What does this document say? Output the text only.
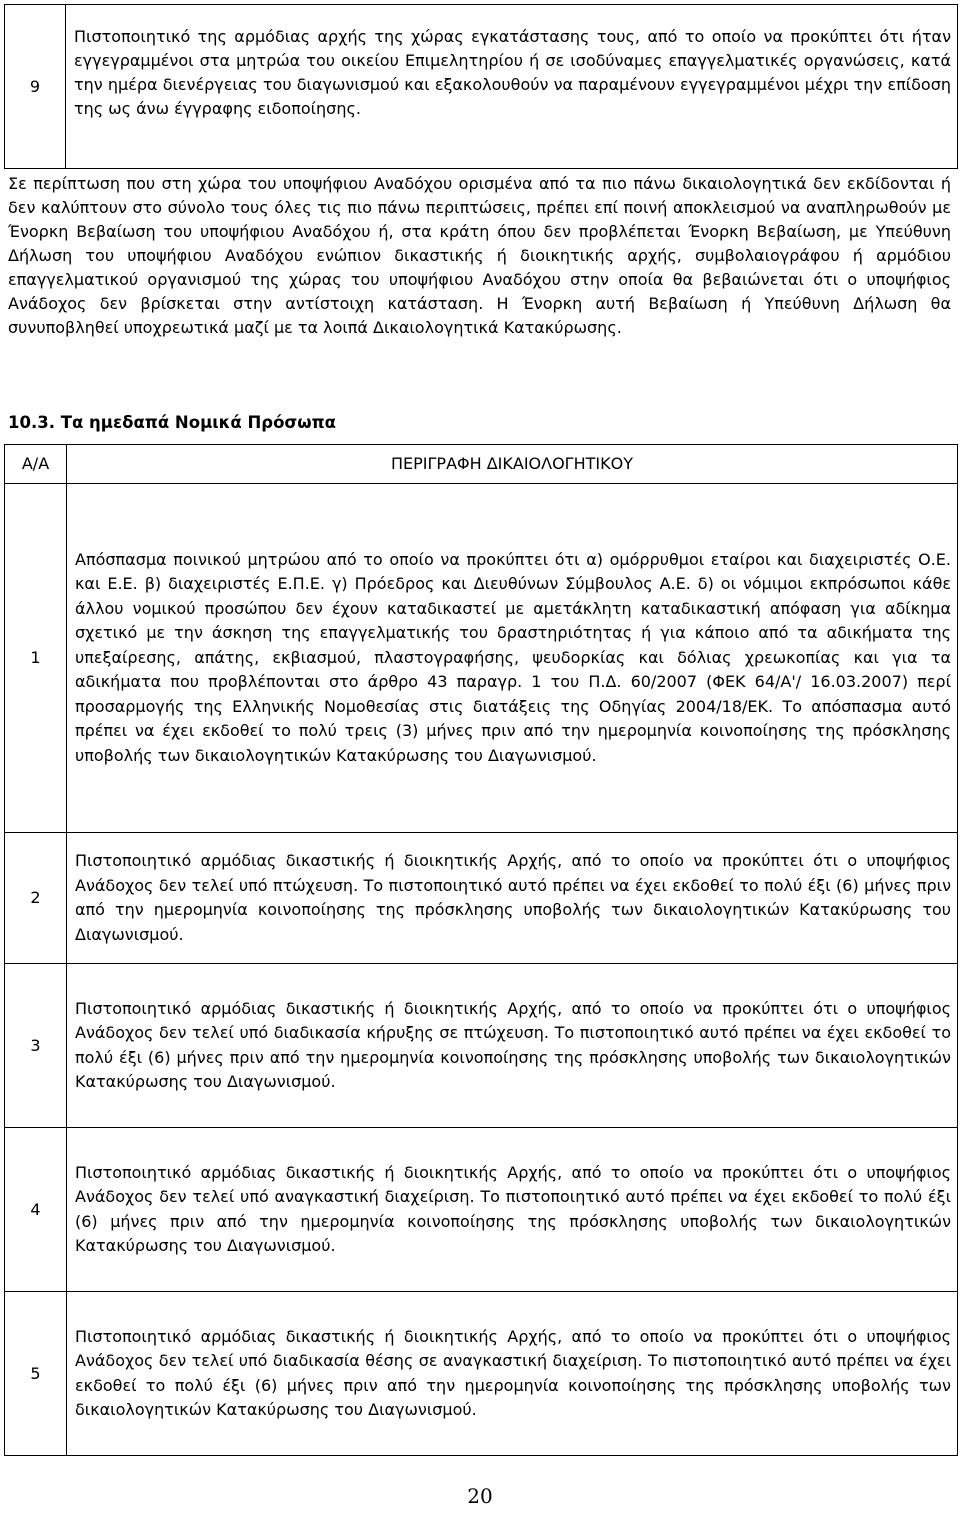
9	Πιστοποιητικό της αρμόδιας αρχής της χώρας εγκατάστασης τους, από το οποίο να προκύπτει ότι ήταν εγγεγραμμένοι στα μητρώα του οικείου Επιμελητηρίου ή σε ισοδύναμες επαγγελματικές οργανώσεις, κατά την ημέρα διενέργειας του διαγωνισμού και εξακολουθούν να παραμένουν εγγεγραμμένοι μέχρι την επίδοση της ως άνω έγγραφης ειδοποίησης.

Σε περίπτωση που στη χώρα του υποψήφιου Αναδόχου ορισμένα από τα πιο πάνω δικαιολογητικά δεν εκδίδονται ή δεν καλύπτουν στο σύνολο τους όλες τις πιο πάνω περιπτώσεις, πρέπει επί ποινή αποκλεισμού να αναπληρωθούν με Ένορκη Βεβαίωση του υποψήφιου Αναδόχου ή, στα κράτη όπου δεν προβλέπεται Ένορκη Βεβαίωση, με Υπεύθυνη Δήλωση του υποψήφιου Αναδόχου ενώπιον δικαστικής ή διοικητικής αρχής, συμβολαιογράφου ή αρμόδιου επαγγελματικού οργανισμού της χώρας του υποψήφιου Αναδόχου στην οποία θα βεβαιώνεται ότι ο υποψήφιος Ανάδοχος δεν βρίσκεται στην αντίστοιχη κατάσταση. Η Ένορκη αυτή Βεβαίωση ή Υπεύθυνη Δήλωση θα συνυποβληθεί υποχρεωτικά μαζί με τα λοιπά Δικαιολογητικά Κατακύρωσης.

10.3. Τα ημεδαπά Νομικά Πρόσωπα
Α/Α	ΠΕΡΙΓΡΑΦΗ ΔΙΚΑΙΟΛΟΓΗΤΙΚΟΥ
1	Απόσπασμα ποινικού μητρώου από το οποίο να προκύπτει ότι α) ομόρρυθμοι εταίροι και διαχειριστές Ο.Ε. και Ε.Ε. β) διαχειριστές Ε.Π.Ε. γ) Πρόεδρος και Διευθύνων Σύμβουλος Α.Ε. δ) οι νόμιμοι εκπρόσωποι κάθε άλλου νομικού προσώπου δεν έχουν καταδικαστεί με αμετάκλητη καταδικαστική απόφαση για αδίκημα σχετικό με την άσκηση της επαγγελματικής του δραστηριότητας ή για κάποιο από τα αδικήματα της υπεξαίρεσης, απάτης, εκβιασμού, πλαστογραφήσης, ψευδορκίας και δόλιας χρεωκοπίας και για τα αδικήματα που προβλέπονται στο άρθρο 43 παραγρ. 1 του Π.Δ. 60/2007 (ΦΕΚ 64/Α'/ 16.03.2007) περί προσαρμογής της Ελληνικής Νομοθεσίας στις διατάξεις της Οδηγίας 2004/18/ΕΚ. Το απόσπασμα αυτό πρέπει να έχει εκδοθεί το πολύ τρεις (3) μήνες πριν από την ημερομηνία κοινοποίησης της πρόσκλησης υποβολής των δικαιολογητικών Κατακύρωσης του Διαγωνισμού.
2	Πιστοποιητικό αρμόδιας δικαστικής ή διοικητικής Αρχής, από το οποίο να προκύπτει ότι ο υποψήφιος Ανάδοχος δεν τελεί υπό πτώχευση. Το πιστοποιητικό αυτό πρέπει να έχει εκδοθεί το πολύ έξι (6) μήνες πριν από την ημερομηνία κοινοποίησης της πρόσκλησης υποβολής των δικαιολογητικών Κατακύρωσης του Διαγωνισμού.
3	Πιστοποιητικό αρμόδιας δικαστικής ή διοικητικής Αρχής, από το οποίο να προκύπτει ότι ο υποψήφιος Ανάδοχος δεν τελεί υπό διαδικασία κήρυξης σε πτώχευση. Το πιστοποιητικό αυτό πρέπει να έχει εκδοθεί το πολύ έξι (6) μήνες πριν από την ημερομηνία κοινοποίησης της πρόσκλησης υποβολής των δικαιολογητικών Κατακύρωσης του Διαγωνισμού.
4	Πιστοποιητικό αρμόδιας δικαστικής ή διοικητικής Αρχής, από το οποίο να προκύπτει ότι ο υποψήφιος Ανάδοχος δεν τελεί υπό αναγκαστική διαχείριση. Το πιστοποιητικό αυτό πρέπει να έχει εκδοθεί το πολύ έξι (6) μήνες πριν από την ημερομηνία κοινοποίησης της πρόσκλησης υποβολής των δικαιολογητικών Κατακύρωσης του Διαγωνισμού.
5	Πιστοποιητικό αρμόδιας δικαστικής ή διοικητικής Αρχής, από το οποίο να προκύπτει ότι ο υποψήφιος Ανάδοχος δεν τελεί υπό διαδικασία θέσης σε αναγκαστική διαχείριση. Το πιστοποιητικό αυτό πρέπει να έχει εκδοθεί το πολύ έξι (6) μήνες πριν από την ημερομηνία κοινοποίησης της πρόσκλησης υποβολής των δικαιολογητικών Κατακύρωσης του Διαγωνισμού.
20
